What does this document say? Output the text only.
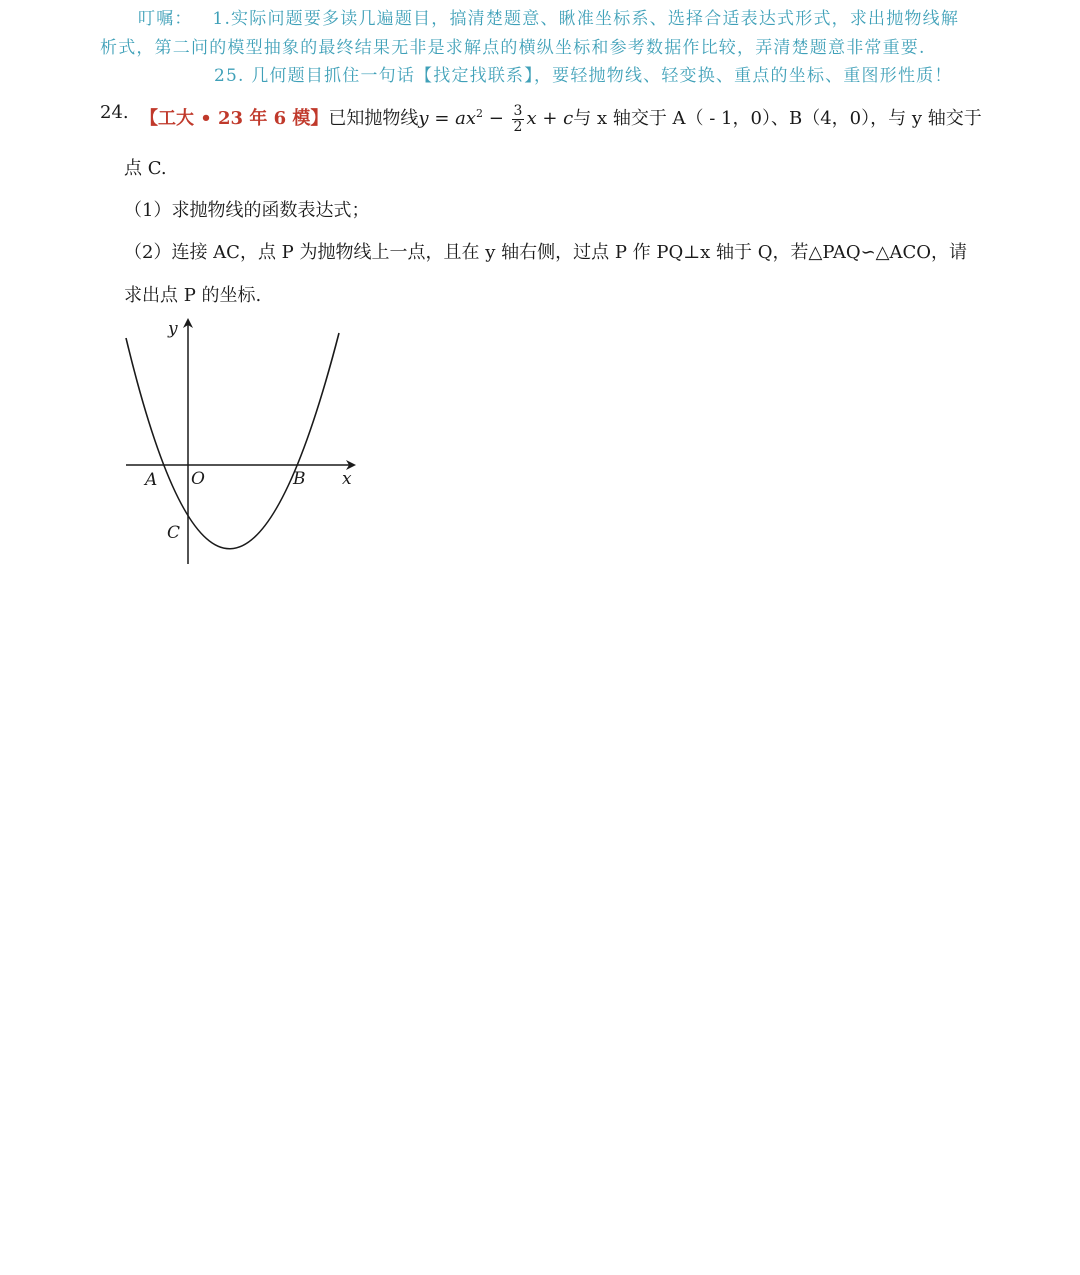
叮嘱： 1.实际问题要多读几遍题目，搞清楚题意、瞅准坐标系、选择合适表达式形式，求出抛物线解
析式，第二问的模型抽象的最终结果无非是求解点的横纵坐标和参考数据作比较，弄清楚题意非常重要.
25. 几何题目抓住一句话【找定找联系】，要轻抛物线、轻变换、重点的坐标、重图形性质！
24. 【工大 • 23 年 6 模】已知抛物线$y = ax^2 - \frac{3}{2}$ x + c与 x 轴交于 A（ - 1，0）、B（4，0），与 y 轴交于
点 C.
（1）求抛物线的函数表达式；
（2）连接 AC，点 P 为抛物线上一点，且在 y 轴右侧，过点 P 作 PQ⊥x 轴于 Q，若△PAQ∽△ACO，请
求出点 P 的坐标.
y
x
A O	B
C
